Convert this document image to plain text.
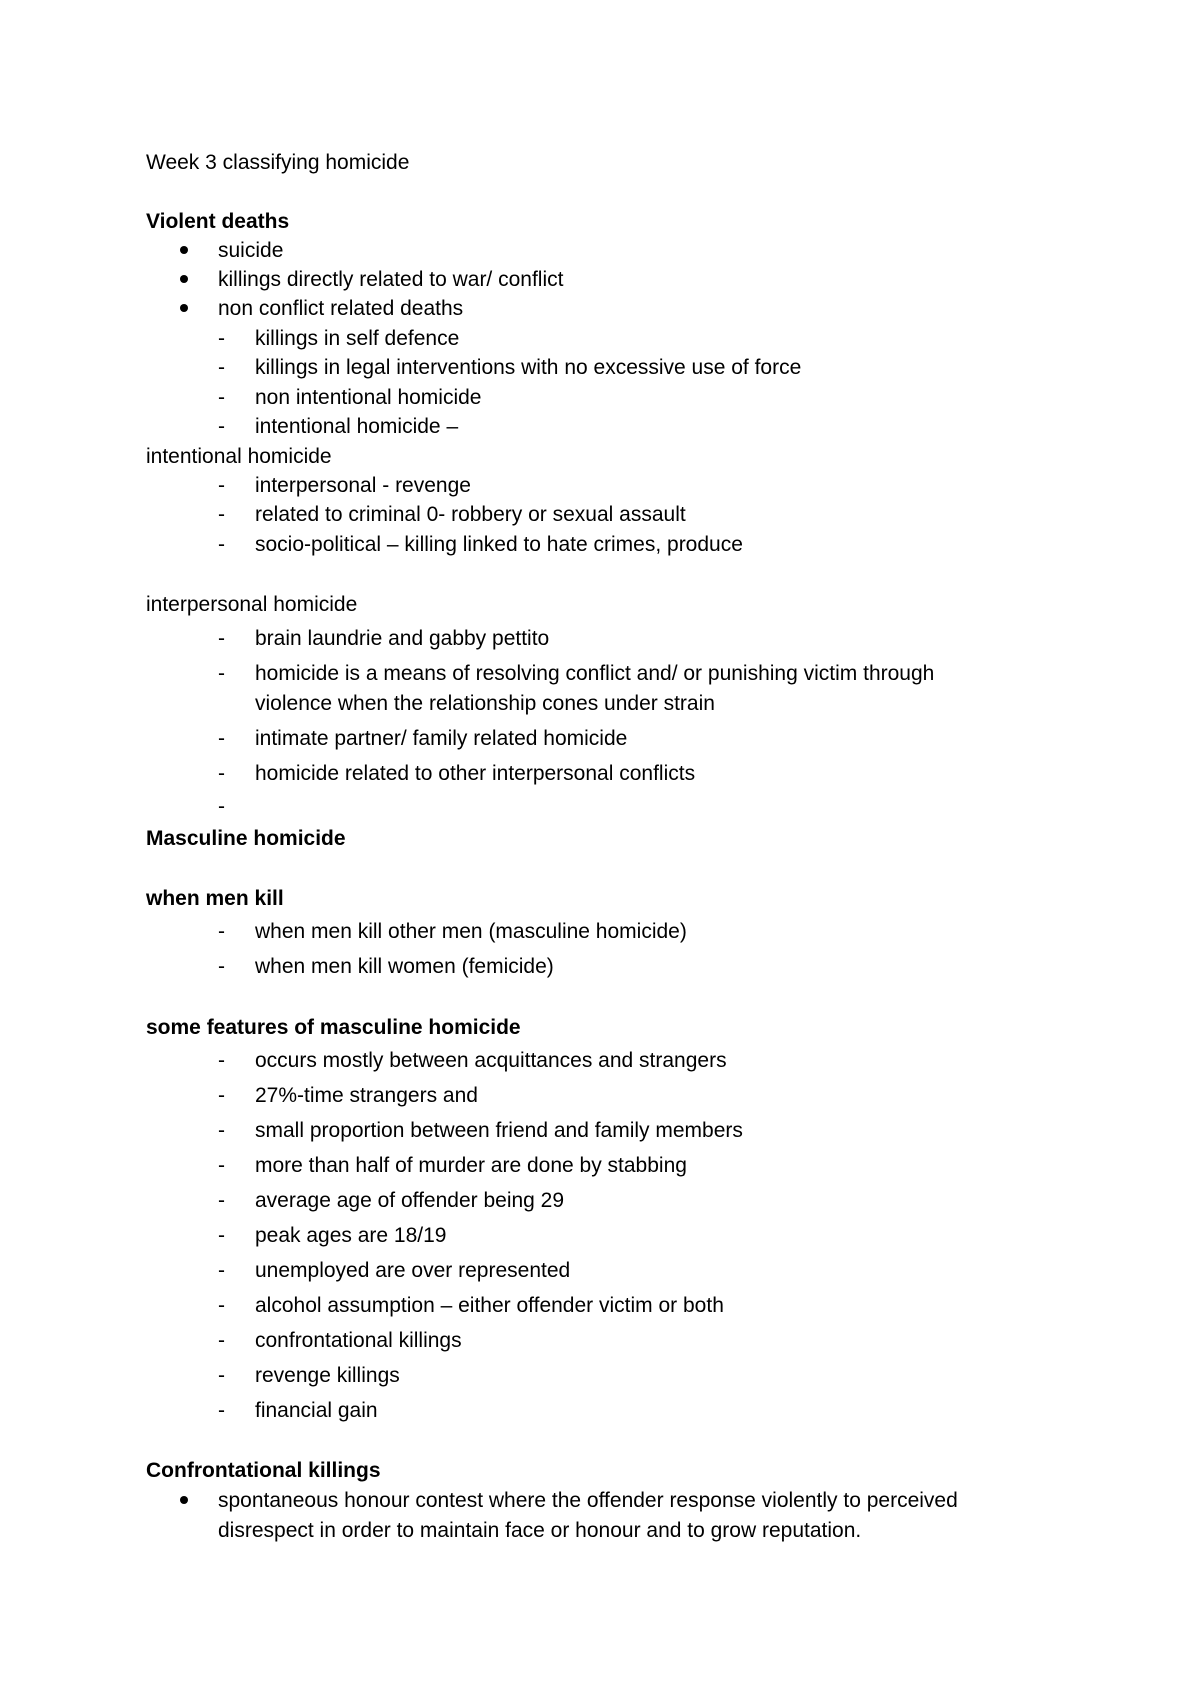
Week 3 classifying homicide
Violent deaths
suicide
killings directly related to war/ conflict
non conflict related deaths
- killings in self defence
- killings in legal interventions with no excessive use of force
- non intentional homicide
- intentional homicide –
intentional homicide
- interpersonal - revenge
- related to criminal 0- robbery or sexual assault
- socio-political – killing linked to hate crimes, produce
interpersonal homicide
- brain laundrie and gabby pettito
- homicide is a means of resolving conflict and/ or punishing victim through
violence when the relationship cones under strain
- intimate partner/ family related homicide
- homicide related to other interpersonal conflicts
-
Masculine homicide
when men kill
- when men kill other men (masculine homicide)
- when men kill women (femicide)
some features of masculine homicide
- occurs mostly between acquittances and strangers
- 27%-time strangers and
- small proportion between friend and family members
- more than half of murder are done by stabbing
- average age of offender being 29
- peak ages are 18/19
- unemployed are over represented
- alcohol assumption – either offender victim or both
- confrontational killings
- revenge killings
- financial gain
Confrontational killings
spontaneous honour contest where the offender response violently to perceived
disrespect in order to maintain face or honour and to grow reputation.
